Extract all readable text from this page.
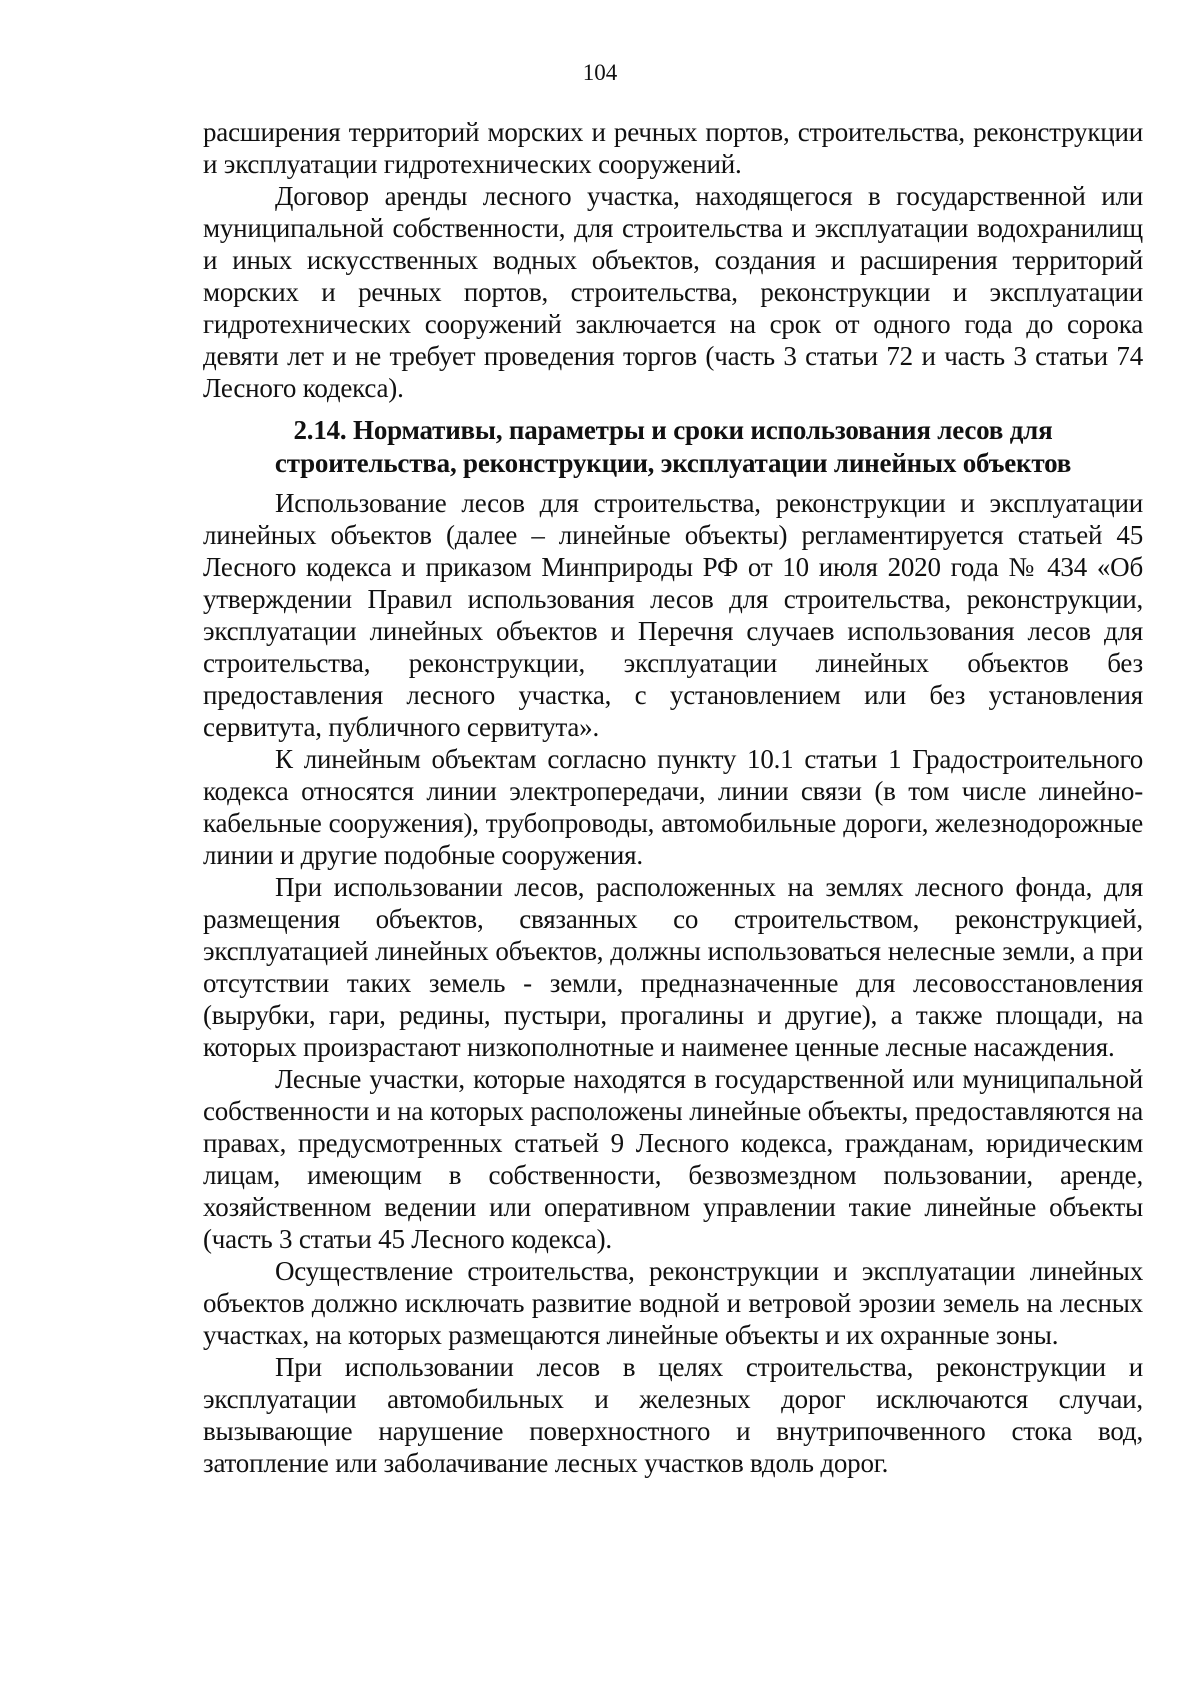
104

расширения территорий морских и речных портов, строительства, реконструкции и эксплуатации гидротехнических сооружений.

Договор аренды лесного участка, находящегося в государственной или муниципальной собственности, для строительства и эксплуатации водохранилищ и иных искусственных водных объектов, создания и расширения территорий морских и речных портов, строительства, реконструкции и эксплуатации гидротехнических сооружений заключается на срок от одного года до сорока девяти лет и не требует проведения торгов (часть 3 статьи 72 и часть 3 статьи 74 Лесного кодекса).

2.14. Нормативы, параметры и сроки использования лесов для строительства, реконструкции, эксплуатации линейных объектов

Использование лесов для строительства, реконструкции и эксплуатации линейных объектов (далее – линейные объекты) регламентируется статьей 45 Лесного кодекса и приказом Минприроды РФ от 10 июля 2020 года № 434 «Об утверждении Правил использования лесов для строительства, реконструкции, эксплуатации линейных объектов и Перечня случаев использования лесов для строительства, реконструкции, эксплуатации линейных объектов без предоставления лесного участка, с установлением или без установления сервитута, публичного сервитута».

К линейным объектам согласно пункту 10.1 статьи 1 Градостроительного кодекса относятся линии электропередачи, линии связи (в том числе линейно-кабельные сооружения), трубопроводы, автомобильные дороги, железнодорожные линии и другие подобные сооружения.

При использовании лесов, расположенных на землях лесного фонда, для размещения объектов, связанных со строительством, реконструкцией, эксплуатацией линейных объектов, должны использоваться нелесные земли, а при отсутствии таких земель - земли, предназначенные для лесовосстановления (вырубки, гари, редины, пустыри, прогалины и другие), а также площади, на которых произрастают низкополнотные и наименее ценные лесные насаждения.

Лесные участки, которые находятся в государственной или муниципальной собственности и на которых расположены линейные объекты, предоставляются на правах, предусмотренных статьей 9 Лесного кодекса, гражданам, юридическим лицам, имеющим в собственности, безвозмездном пользовании, аренде, хозяйственном ведении или оперативном управлении такие линейные объекты (часть 3 статьи 45 Лесного кодекса).

Осуществление строительства, реконструкции и эксплуатации линейных объектов должно исключать развитие водной и ветровой эрозии земель на лесных участках, на которых размещаются линейные объекты и их охранные зоны.

При использовании лесов в целях строительства, реконструкции и эксплуатации автомобильных и железных дорог исключаются случаи, вызывающие нарушение поверхностного и внутрипочвенного стока вод, затопление или заболачивание лесных участков вдоль дорог.
